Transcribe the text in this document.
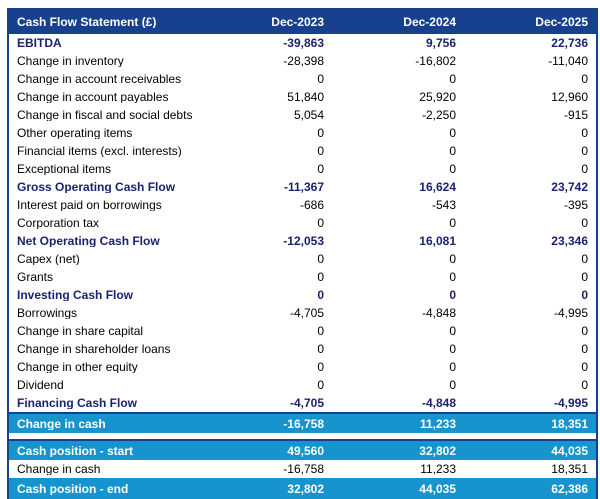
Cash Flow Statement (£)	Dec-2023	Dec-2024	Dec-2025
EBITDA	-39,863	9,756	22,736
Change in inventory	-28,398	-16,802	-11,040
Change in account receivables	0	0	0
Change in account payables	51,840	25,920	12,960
Change in fiscal and social debts	5,054	-2,250	-915
Other operating items	0	0	0
Financial items (excl. interests)	0	0	0
Exceptional items	0	0	0
Gross Operating Cash Flow	-11,367	16,624	23,742
Interest paid on borrowings	-686	-543	-395
Corporation tax	0	0	0
Net Operating Cash Flow	-12,053	16,081	23,346
Capex (net)	0	0	0
Grants	0	0	0
Investing Cash Flow	0	0	0
Borrowings	-4,705	-4,848	-4,995
Change in share capital	0	0	0
Change in shareholder loans	0	0	0
Change in other equity	0	0	0
Dividend	0	0	0
Financing Cash Flow	-4,705	-4,848	-4,995
Change in cash	-16,758	11,233	18,351
Cash position - start	49,560	32,802	44,035
Change in cash	-16,758	11,233	18,351
Cash position - end	32,802	44,035	62,386
